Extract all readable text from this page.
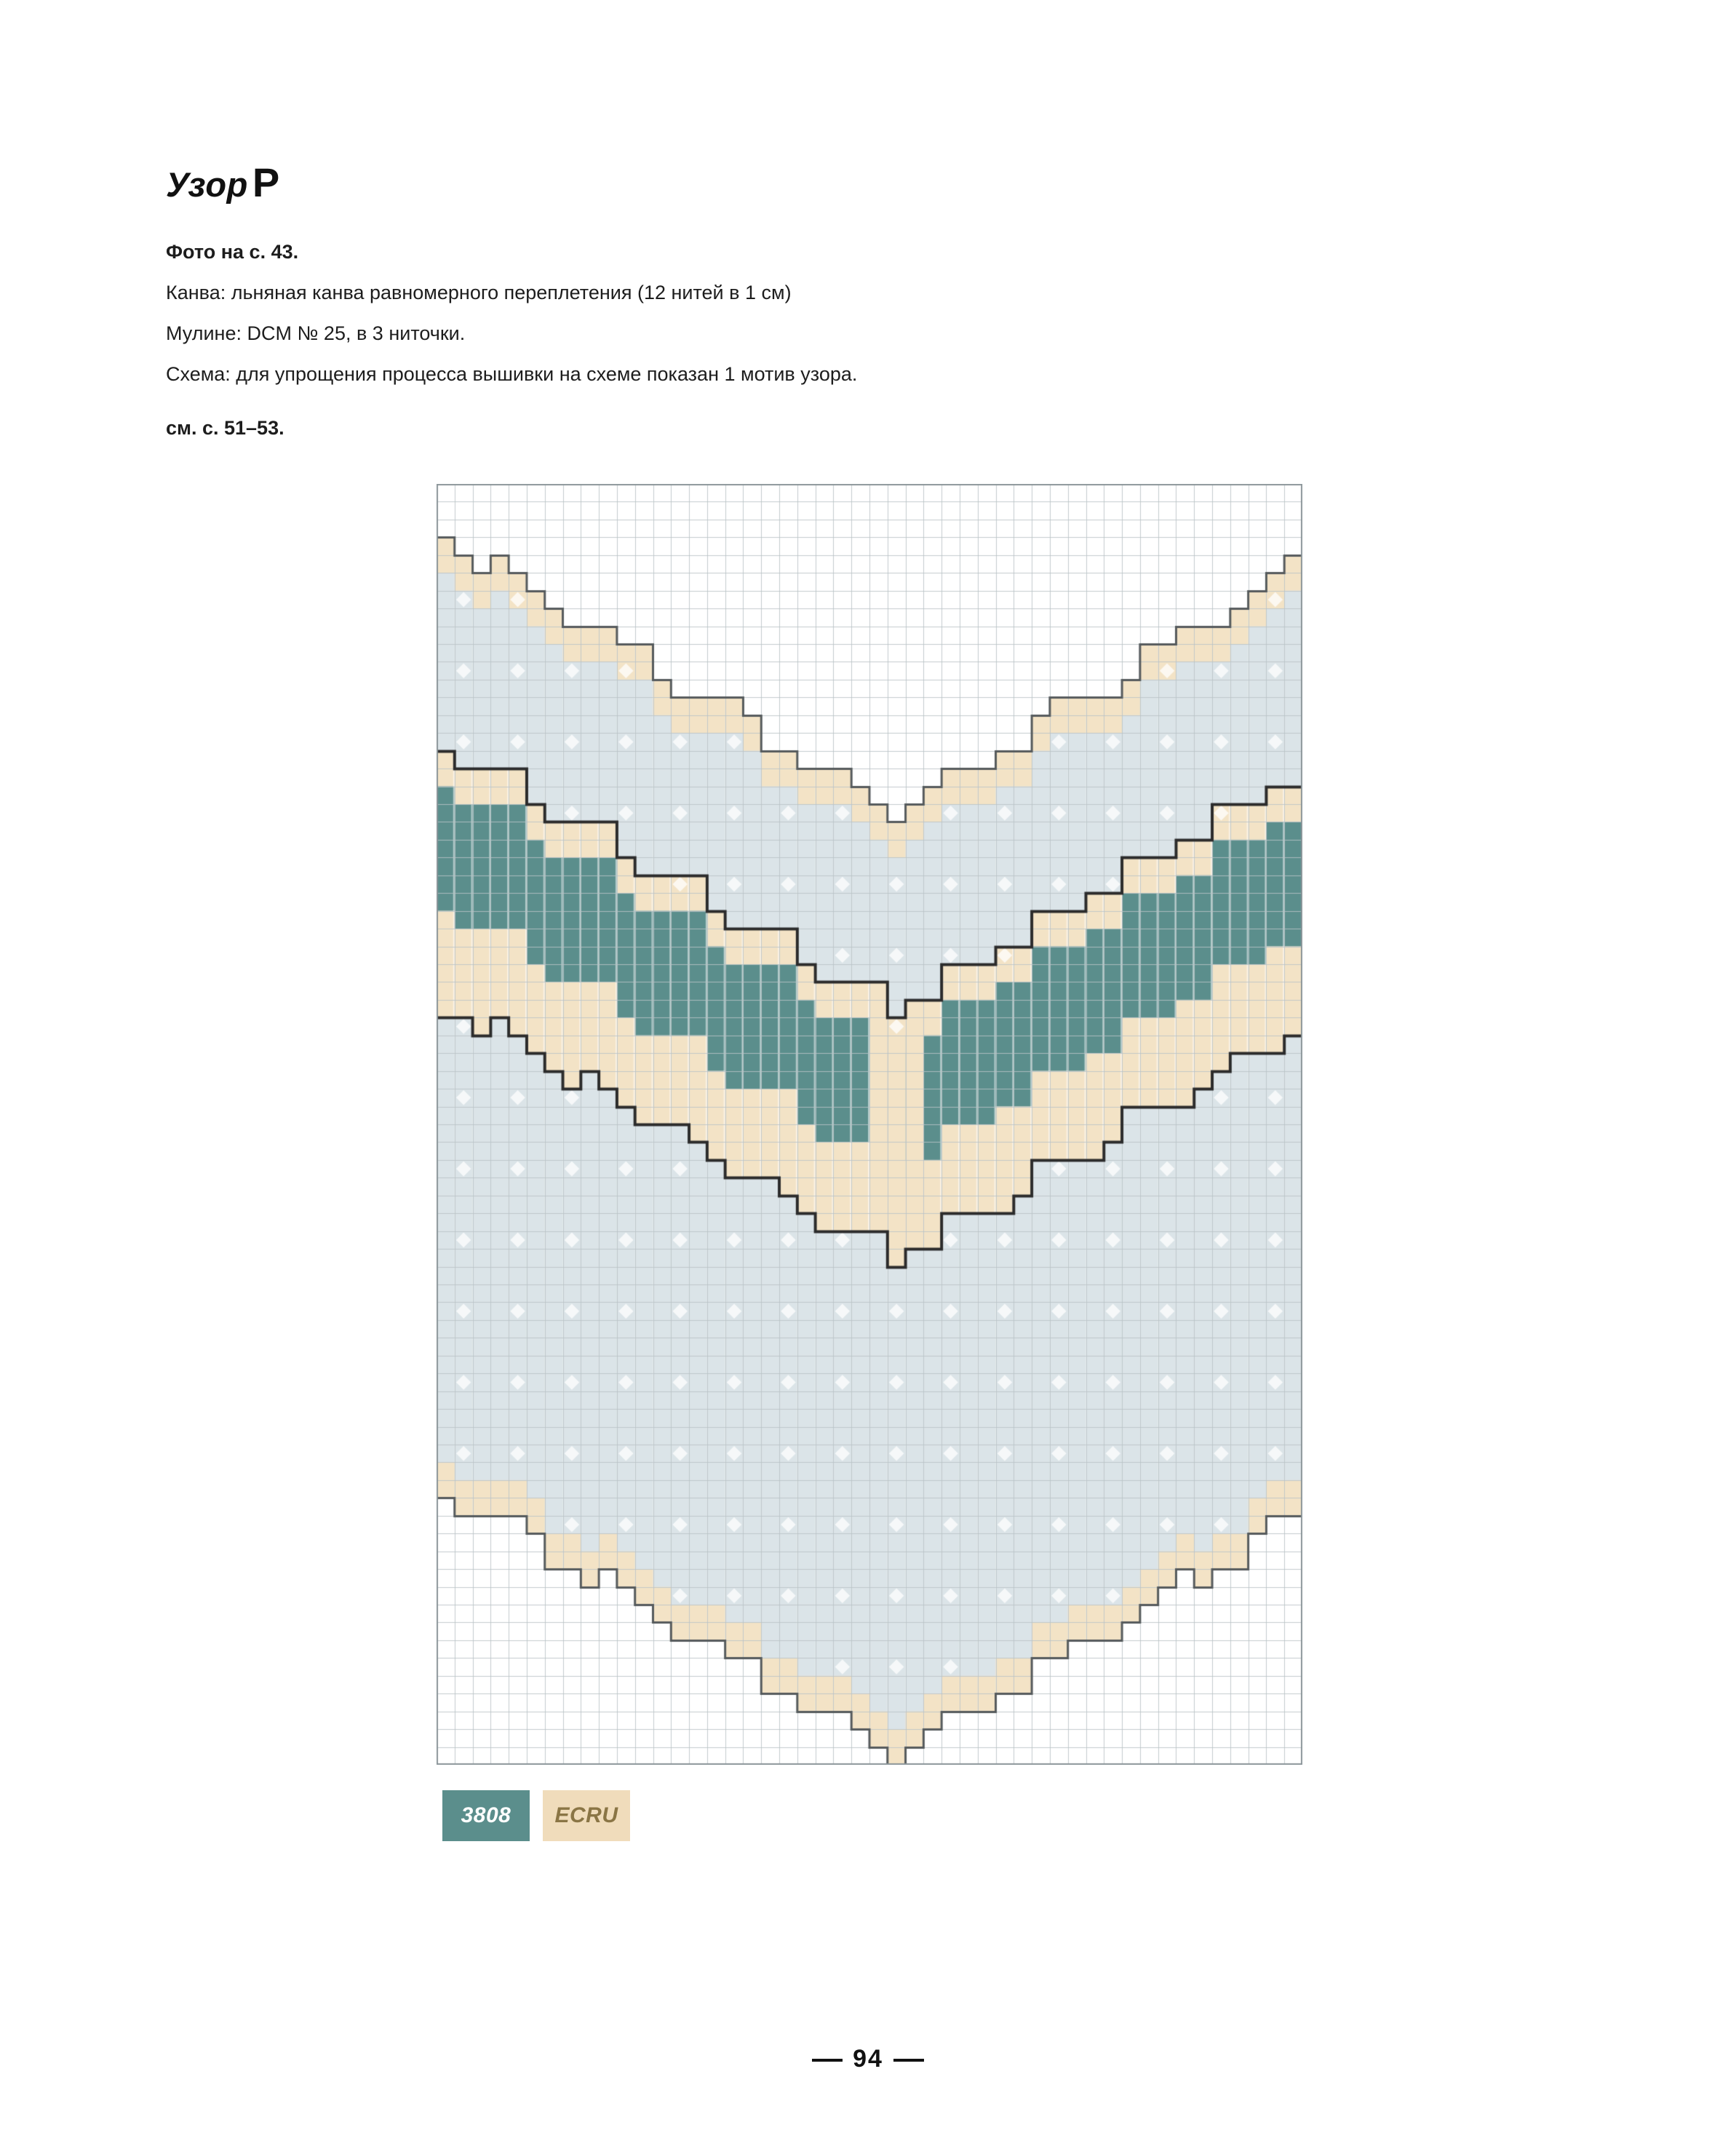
Узор P
Фото на с. 43.
Канва: льняная канва равномерного переплетения (12 нитей в 1 см)
Мулине: DCM № 25, в 3 ниточки.
Схема: для упрощения процесса вышивки на схеме показан 1 мотив узора.
см. с. 51–53.
3808	ECRU
94
